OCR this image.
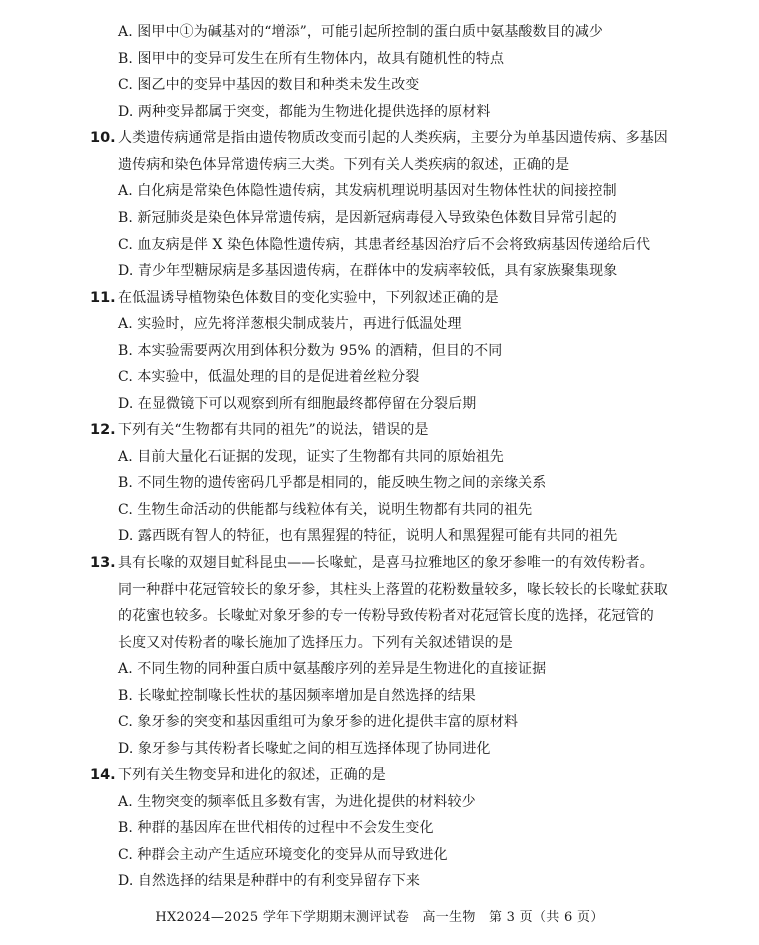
A. 图甲中①为碱基对的“增添”，可能引起所控制的蛋白质中氨基酸数目的减少
B. 图甲中的变异可发生在所有生物体内，故具有随机性的特点
C. 图乙中的变异中基因的数目和种类未发生改变
D. 两种变异都属于突变，都能为生物进化提供选择的原材料
10. 人类遗传病通常是指由遗传物质改变而引起的人类疾病，主要分为单基因遗传病、多基因
遗传病和染色体异常遗传病三大类。下列有关人类疾病的叙述，正确的是
A. 白化病是常染色体隐性遗传病，其发病机理说明基因对生物体性状的间接控制
B. 新冠肺炎是染色体异常遗传病，是因新冠病毒侵入导致染色体数目异常引起的
C. 血友病是伴 X 染色体隐性遗传病，其患者经基因治疗后不会将致病基因传递给后代
D. 青少年型糖尿病是多基因遗传病，在群体中的发病率较低，具有家族聚集现象
11. 在低温诱导植物染色体数目的变化实验中，下列叙述正确的是
A. 实验时，应先将洋葱根尖制成装片，再进行低温处理
B. 本实验需要两次用到体积分数为 95% 的酒精，但目的不同
C. 本实验中，低温处理的目的是促进着丝粒分裂
D. 在显微镜下可以观察到所有细胞最终都停留在分裂后期
12. 下列有关“生物都有共同的祖先”的说法，错误的是
A. 目前大量化石证据的发现，证实了生物都有共同的原始祖先
B. 不同生物的遗传密码几乎都是相同的，能反映生物之间的亲缘关系
C. 生物生命活动的供能都与线粒体有关，说明生物都有共同的祖先
D. 露西既有智人的特征，也有黑猩猩的特征，说明人和黑猩猩可能有共同的祖先
13. 具有长喙的双翅目虻科昆虫——长喙虻，是喜马拉雅地区的象牙参唯一的有效传粉者。
同一种群中花冠管较长的象牙参，其柱头上落置的花粉数量较多，喙长较长的长喙虻获取
的花蜜也较多。长喙虻对象牙参的专一传粉导致传粉者对花冠管长度的选择，花冠管的
长度又对传粉者的喙长施加了选择压力。下列有关叙述错误的是
A. 不同生物的同种蛋白质中氨基酸序列的差异是生物进化的直接证据
B. 长喙虻控制喙长性状的基因频率增加是自然选择的结果
C. 象牙参的突变和基因重组可为象牙参的进化提供丰富的原材料
D. 象牙参与其传粉者长喙虻之间的相互选择体现了协同进化
14. 下列有关生物变异和进化的叙述，正确的是
A. 生物突变的频率低且多数有害，为进化提供的材料较少
B. 种群的基因库在世代相传的过程中不会发生变化
C. 种群会主动产生适应环境变化的变异从而导致进化
D. 自然选择的结果是种群中的有利变异留存下来
HX2024—2025 学年下学期期末测评试卷　高一生物　第 3 页（共 6 页）
